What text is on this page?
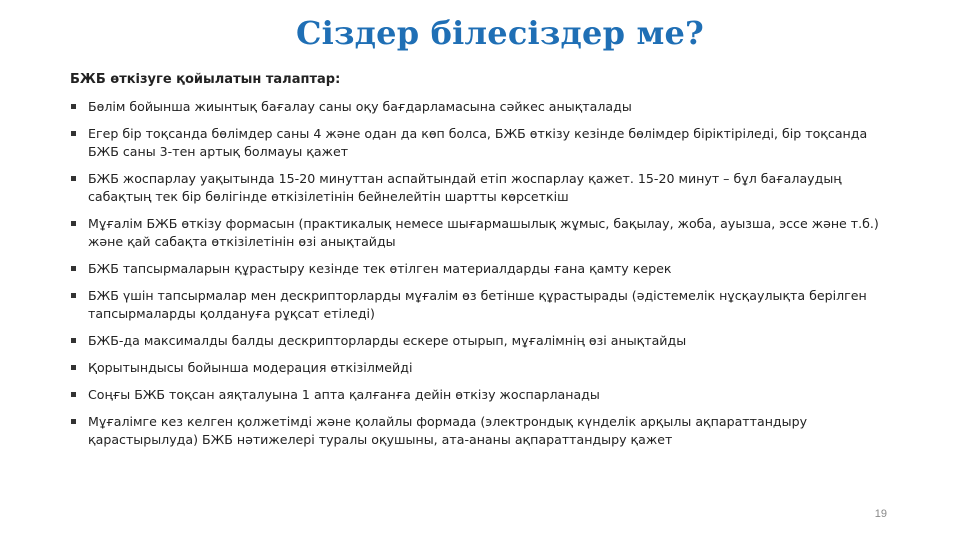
Сіздер білесіздер ме?
БЖБ өткізуге қойылатын талаптар:
Бөлім бойынша жиынтық бағалау саны оқу бағдарламасына сәйкес анықталады
Егер бір тоқсанда бөлімдер саны 4 және одан да көп болса, БЖБ өткізу кезінде бөлімдер біріктіріледі, бір тоқсанда БЖБ саны 3-тен артық болмауы қажет
БЖБ жоспарлау уақытында 15-20 минуттан аспайтындай етіп жоспарлау қажет. 15-20 минут – бұл бағалаудың сабақтың тек бір бөлігінде өткізілетінін бейнелейтін шартты көрсеткіш
Мұғалім БЖБ өткізу формасын (практикалық немесе шығармашылық жұмыс, бақылау, жоба, ауызша, эссе және т.б.) және қай сабақта өткізілетінін өзі анықтайды
БЖБ тапсырмаларын құрастыру кезінде тек өтілген материалдарды ғана қамту керек
БЖБ үшін тапсырмалар мен дескрипторларды мұғалім өз бетінше құрастырады (әдістемелік нұсқаулықта берілген тапсырмаларды қолдануға рұқсат етіледі)
БЖБ-да максималды балды дескрипторларды ескере отырып, мұғалімнің өзі анықтайды
Қорытындысы бойынша модерация өткізілмейді
Соңғы БЖБ тоқсан аяқталуына 1 апта қалғанға дейін өткізу жоспарланады
Мұғалімге кез келген қолжетімді және қолайлы формада (электрондық күнделік арқылы ақпараттандыру қарастырылуда) БЖБ нәтижелері туралы оқушыны, ата-ананы ақпараттандыру қажет
19
